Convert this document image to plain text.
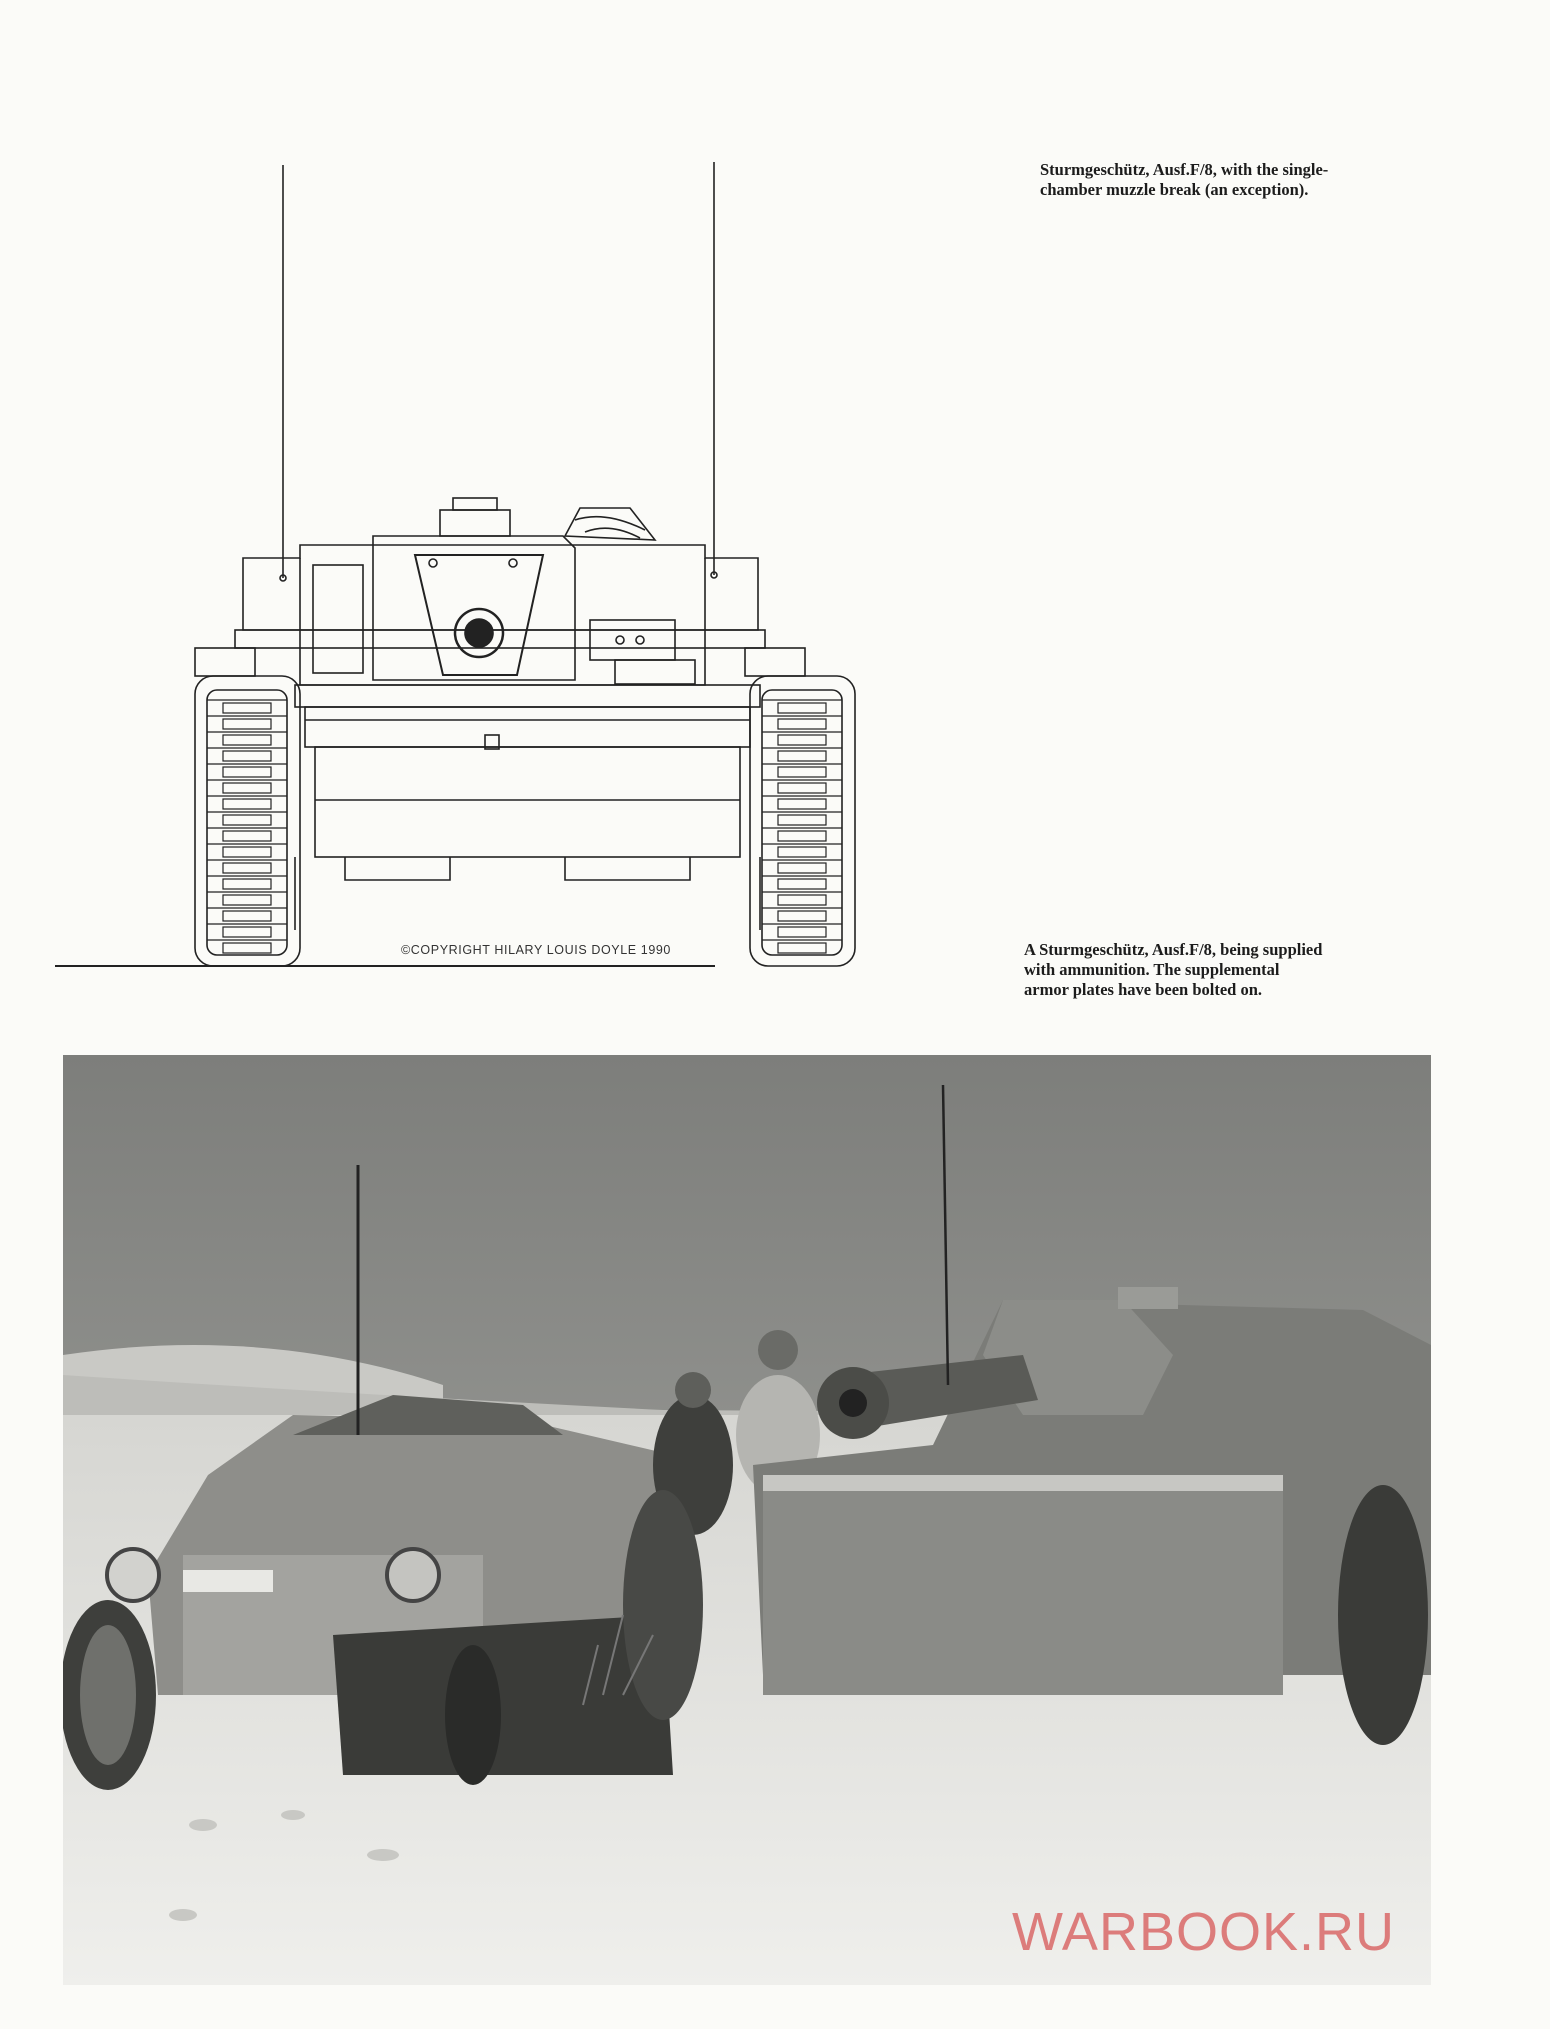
©COPYRIGHT HILARY LOUIS DOYLE 1990
Sturmgeschütz, Ausf.F/8, with the single-
chamber muzzle break (an exception).
A Sturmgeschütz, Ausf.F/8, being supplied
with ammunition. The supplemental
armor plates have been bolted on.
WARBOOK.RU
